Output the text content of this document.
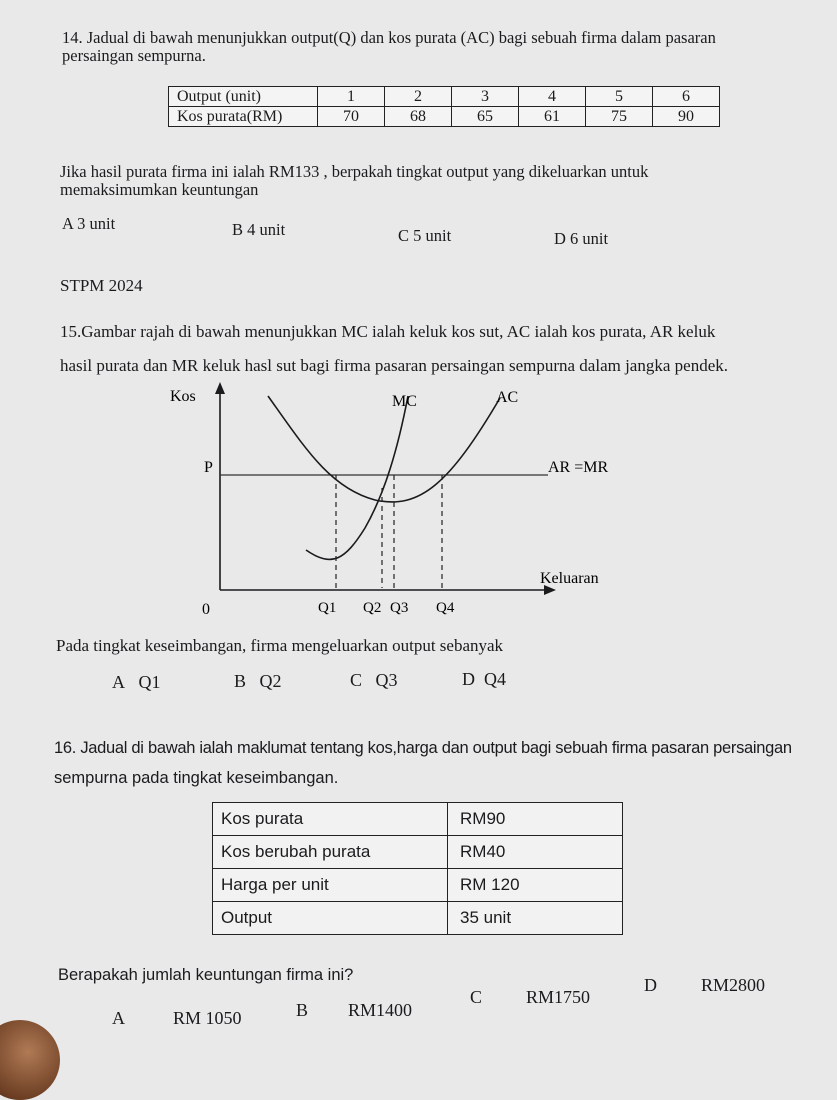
14. Jadual di bawah menunjukkan output(Q) dan kos purata (AC) bagi sebuah firma dalam pasaran
persaingan sempurna.
Output (unit)	1	2	3	4	5	6
Kos purata(RM)	70	68	65	61	75	90
Jika hasil purata firma ini ialah RM133 , berpakah tingkat output yang dikeluarkan untuk
memaksimumkan keuntungan
A 3 unit	B 4 unit	C 5 unit	D 6 unit
STPM 2024
15.Gambar rajah di bawah menunjukkan MC ialah keluk kos sut, AC ialah kos purata, AR keluk
hasil purata dan MR keluk hasl sut bagi firma pasaran persaingan sempurna dalam jangka pendek.
Kos
P
0
MC	AC
AR =MR
Keluaran
Q1 Q2 Q3 Q4
Pada tingkat keseimbangan, firma mengeluarkan output sebanyak
A Q1	B Q2	C Q3	D Q4
16. Jadual di bawah ialah maklumat tentang kos,harga dan output bagi sebuah firma pasaran persaingan
sempurna pada tingkat keseimbangan.
Kos purata	RM90
Kos berubah purata	RM40
Harga per unit	RM 120
Output	35 unit
Berapakah jumlah keuntungan firma ini?
A	RM 1050	B RM1400
C RM1750
D RM2800
